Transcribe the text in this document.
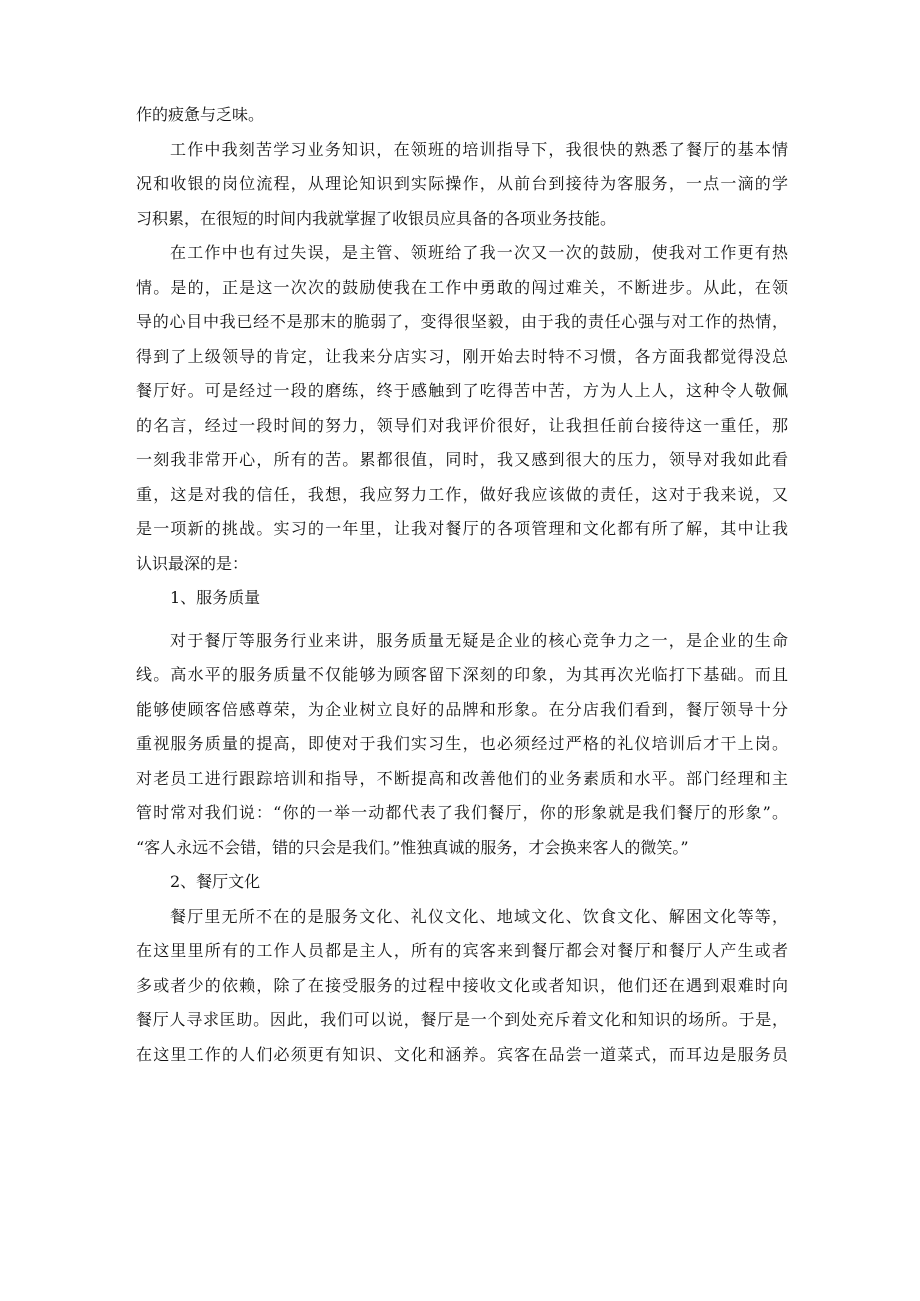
作的疲惫与乏味。
工作中我刻苦学习业务知识，在领班的培训指导下，我很快的熟悉了餐厅的基本情
况和收银的岗位流程，从理论知识到实际操作，从前台到接待为客服务，一点一滴的学
习积累，在很短的时间内我就掌握了收银员应具备的各项业务技能。
在工作中也有过失误，是主管、领班给了我一次又一次的鼓励，使我对工作更有热
情。是的，正是这一次次的鼓励使我在工作中勇敢的闯过难关，不断进步。从此，在领
导的心目中我已经不是那末的脆弱了，变得很坚毅，由于我的责任心强与对工作的热情，
得到了上级领导的肯定，让我来分店实习，刚开始去时特不习惯，各方面我都觉得没总
餐厅好。可是经过一段的磨练，终于感触到了吃得苦中苦，方为人上人，这种令人敬佩
的名言，经过一段时间的努力，领导们对我评价很好，让我担任前台接待这一重任，那
一刻我非常开心，所有的苦。累都很值，同时，我又感到很大的压力，领导对我如此看
重，这是对我的信任，我想，我应努力工作，做好我应该做的责任，这对于我来说，又
是一项新的挑战。实习的一年里，让我对餐厅的各项管理和文化都有所了解，其中让我
认识最深的是：
1、服务质量
对于餐厅等服务行业来讲，服务质量无疑是企业的核心竞争力之一，是企业的生命
线。高水平的服务质量不仅能够为顾客留下深刻的印象，为其再次光临打下基础。而且
能够使顾客倍感尊荣，为企业树立良好的品牌和形象。在分店我们看到，餐厅领导十分
重视服务质量的提高，即使对于我们实习生，也必须经过严格的礼仪培训后才干上岗。
对老员工进行跟踪培训和指导，不断提高和改善他们的业务素质和水平。部门经理和主
管时常对我们说：“你的一举一动都代表了我们餐厅，你的形象就是我们餐厅的形象”。
“客人永远不会错，错的只会是我们。”惟独真诚的服务，才会换来客人的微笑。”
2、餐厅文化
餐厅里无所不在的是服务文化、礼仪文化、地域文化、饮食文化、解困文化等等，
在这里里所有的工作人员都是主人，所有的宾客来到餐厅都会对餐厅和餐厅人产生或者
多或者少的依赖，除了在接受服务的过程中接收文化或者知识，他们还在遇到艰难时向
餐厅人寻求匡助。因此，我们可以说，餐厅是一个到处充斥着文化和知识的场所。于是，
在这里工作的人们必须更有知识、文化和涵养。宾客在品尝一道菜式，而耳边是服务员
